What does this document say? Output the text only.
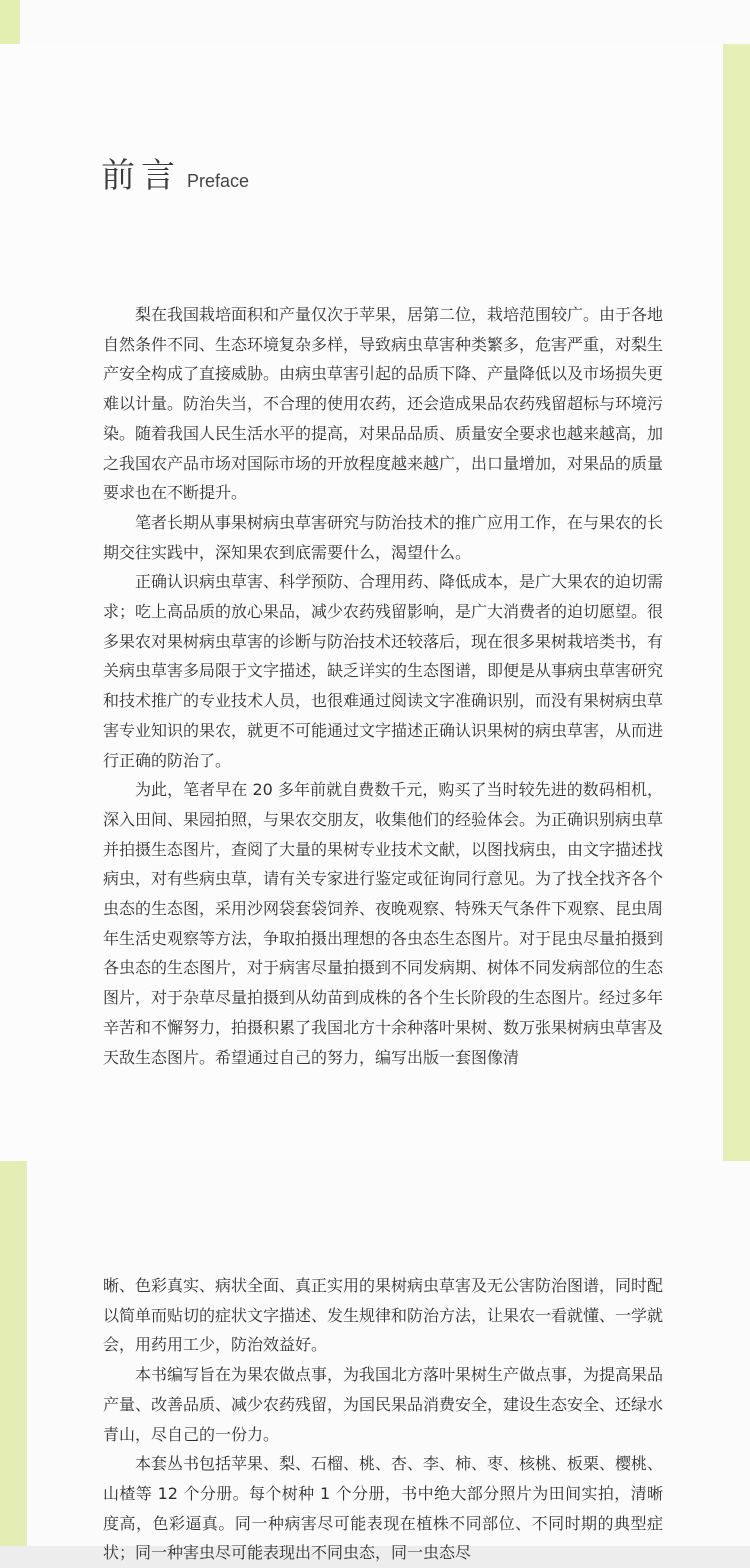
前言 Preface

梨在我国栽培面积和产量仅次于苹果，居第二位，栽培范围较广。由于各地自然条件不同、生态环境复杂多样，导致病虫草害种类繁多，危害严重，对梨生产安全构成了直接威胁。由病虫草害引起的品质下降、产量降低以及市场损失更难以计量。防治失当，不合理的使用农药，还会造成果品农药残留超标与环境污染。随着我国人民生活水平的提高，对果品品质、质量安全要求也越来越高，加之我国农产品市场对国际市场的开放程度越来越广，出口量增加，对果品的质量要求也在不断提升。

笔者长期从事果树病虫草害研究与防治技术的推广应用工作，在与果农的长期交往实践中，深知果农到底需要什么，渴望什么。

正确认识病虫草害、科学预防、合理用药、降低成本，是广大果农的迫切需求；吃上高品质的放心果品，减少农药残留影响，是广大消费者的迫切愿望。很多果农对果树病虫草害的诊断与防治技术还较落后，现在很多果树栽培类书，有关病虫草害多局限于文字描述，缺乏详实的生态图谱，即便是从事病虫草害研究和技术推广的专业技术人员，也很难通过阅读文字准确识别，而没有果树病虫草害专业知识的果农，就更不可能通过文字描述正确认识果树的病虫草害，从而进行正确的防治了。

为此，笔者早在 20 多年前就自费数千元，购买了当时较先进的数码相机，深入田间、果园拍照，与果农交朋友，收集他们的经验体会。为正确识别病虫草并拍摄生态图片，查阅了大量的果树专业技术文献，以图找病虫，由文字描述找病虫，对有些病虫草，请有关专家进行鉴定或征询同行意见。为了找全找齐各个虫态的生态图，采用沙网袋套袋饲养、夜晚观察、特殊天气条件下观察、昆虫周年生活史观察等方法，争取拍摄出理想的各虫态生态图片。对于昆虫尽量拍摄到各虫态的生态图片，对于病害尽量拍摄到不同发病期、树体不同发病部位的生态图片，对于杂草尽量拍摄到从幼苗到成株的各个生长阶段的生态图片。经过多年辛苦和不懈努力，拍摄积累了我国北方十余种落叶果树、数万张果树病虫草害及天敌生态图片。希望通过自己的努力，编写出版一套图像清

晰、色彩真实、病状全面、真正实用的果树病虫草害及无公害防治图谱，同时配以简单而贴切的症状文字描述、发生规律和防治方法，让果农一看就懂、一学就会，用药用工少，防治效益好。

本书编写旨在为果农做点事，为我国北方落叶果树生产做点事，为提高果品产量、改善品质、减少农药残留，为国民果品消费安全，建设生态安全、还绿水青山，尽自己的一份力。

本套丛书包括苹果、梨、石榴、桃、杏、李、柿、枣、核桃、板栗、樱桃、山楂等 12 个分册。每个树种 1 个分册，书中绝大部分照片为田间实拍，清晰度高，色彩逼真。同一种病害尽可能表现在植株不同部位、不同时期的典型症状；同一种害虫尽可能表现出不同虫态，同一虫态尽
